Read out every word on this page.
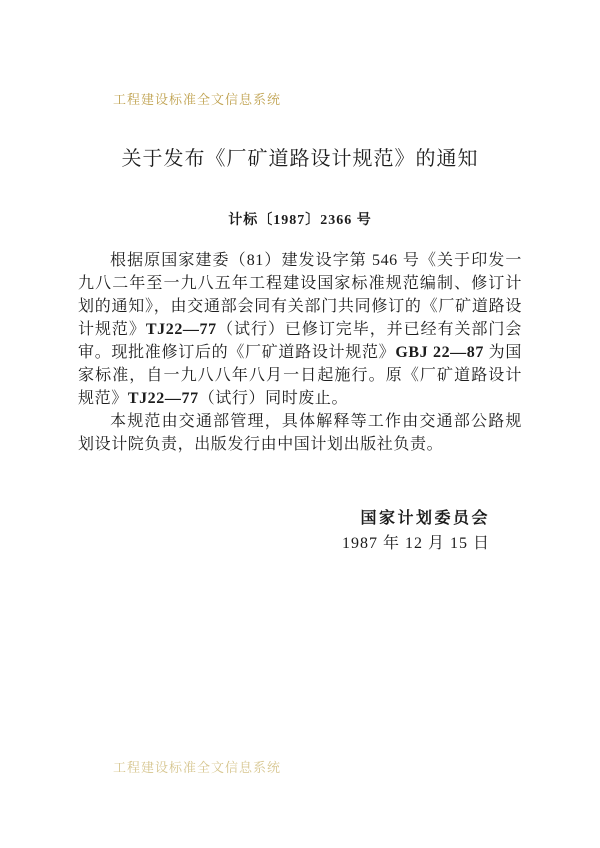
工程建设标准全文信息系统
关于发布《厂矿道路设计规范》的通知
计标〔1987〕2366 号

根据原国家建委（81）建发设字第 546 号《关于印发一九八二年至一九八五年工程建设国家标准规范编制、修订计划的通知》，由交通部会同有关部门共同修订的《厂矿道路设计规范》TJ22—77（试行）已修订完毕，并已经有关部门会审。现批准修订后的《厂矿道路设计规范》GBJ 22—87 为国家标准，自一九八八年八月一日起施行。原《厂矿道路设计规范》TJ22—77（试行）同时废止。

本规范由交通部管理，具体解释等工作由交通部公路规划设计院负责，出版发行由中国计划出版社负责。

国家计划委员会
1987 年 12 月 15 日
工程建设标准全文信息系统
